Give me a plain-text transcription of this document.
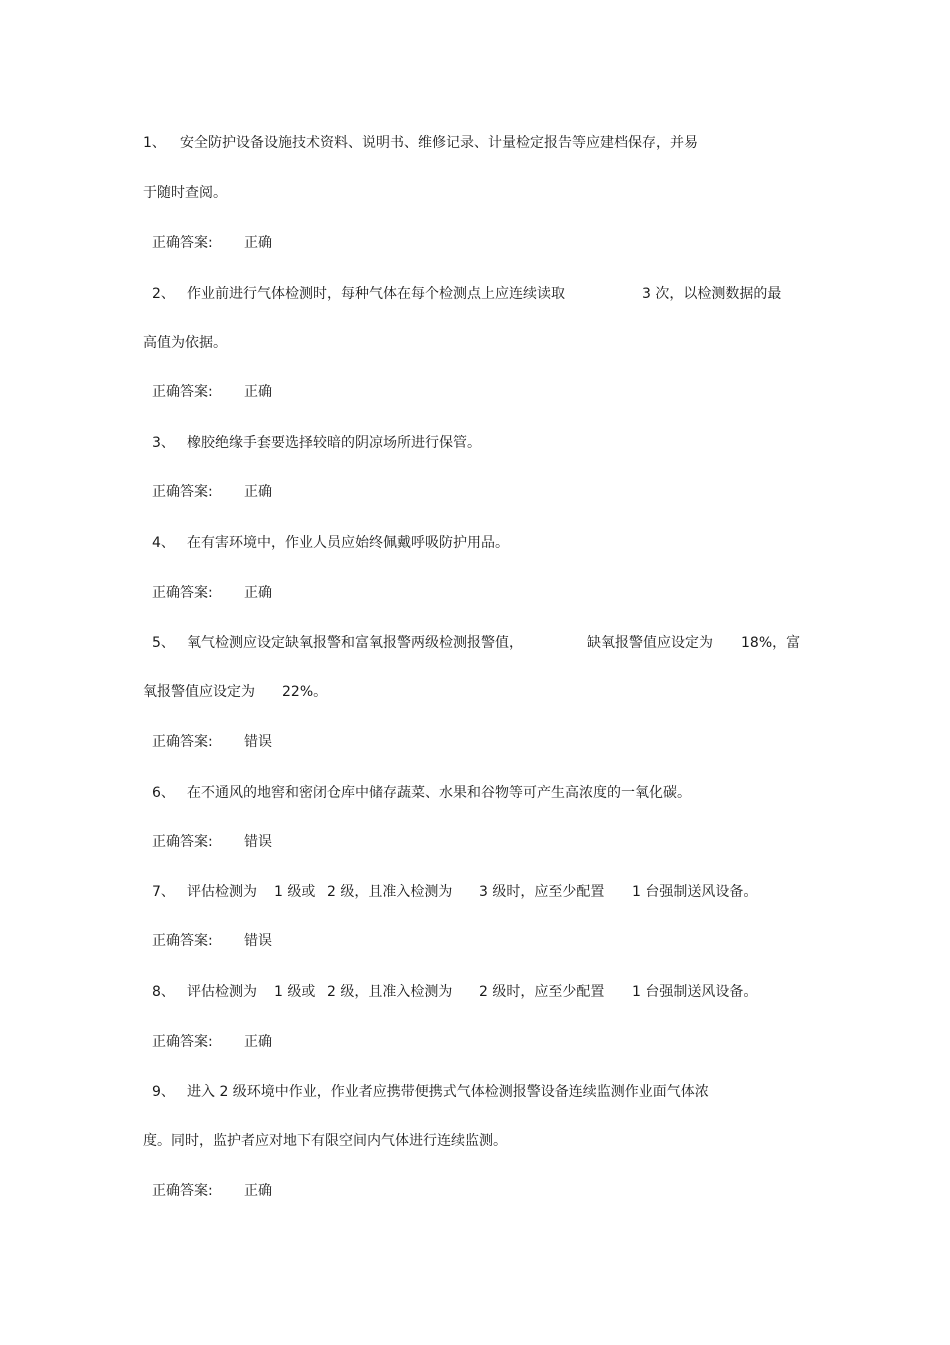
1、 安全防护设备设施技术资料、说明书、维修记录、计量检定报告等应建档保存，并易
于随时查阅。
正确答案: 正确
2、 作业前进行气体检测时，每种气体在每个检测点上应连续读取	3 次，以检测数据的最
高值为依据。
正确答案: 正确
3、 橡胶绝缘手套要选择较暗的阴凉场所进行保管。
正确答案: 正确
4、 在有害环境中，作业人员应始终佩戴呼吸防护用品。
正确答案: 正确
5、 氧气检测应设定缺氧报警和富氧报警两级检测报警值，	缺氧报警值应设定为 18%，富
氧报警值应设定为 22%。
正确答案: 错误
6、 在不通风的地窖和密闭仓库中储存蔬菜、水果和谷物等可产生高浓度的一氧化碳。
正确答案: 错误
7、 评估检测为 1 级或 2 级，且准入检测为 3 级时，应至少配置 1 台强制送风设备。
正确答案: 错误
8、 评估检测为 1 级或 2 级，且准入检测为 2 级时，应至少配置 1 台强制送风设备。
正确答案: 正确
9、 进入 2 级环境中作业，作业者应携带便携式气体检测报警设备连续监测作业面气体浓
度。同时，监护者应对地下有限空间内气体进行连续监测。
正确答案: 正确
